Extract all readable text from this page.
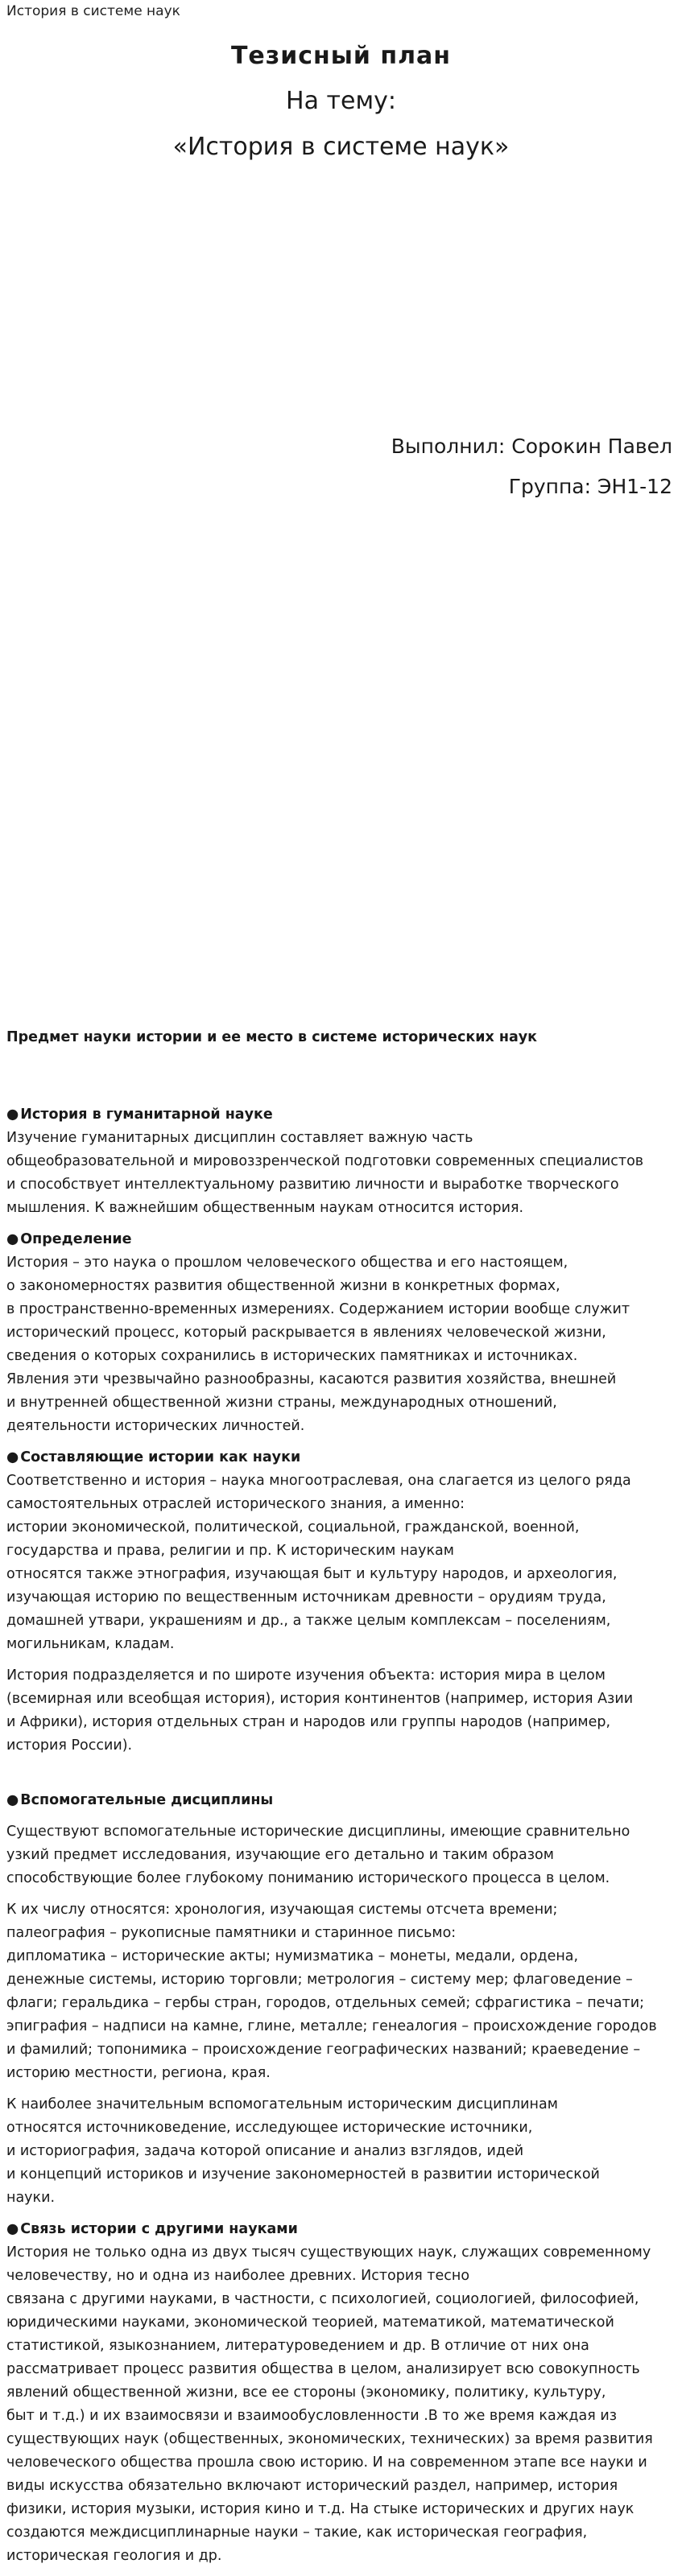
История в системе наук

Тезисный план

На тему:

«История в системе наук»

Выполнил: Сорокин Павел
Группа: ЭН1-12
Предмет науки истории и ее место в системе исторических наук
● История в гуманитарной науке

Изучение гуманитарных дисциплин составляет важную часть
общеобразовательной и мировоззренческой подготовки современных специалистов
и способствует интеллектуальному развитию личности и выработке творческого
мышления. К важнейшим общественным наукам относится история.

● Определение

История – это наука о прошлом человеческого общества и его настоящем,
о закономерностях развития общественной жизни в конкретных формах,
в пространственно-временных измерениях. Содержанием истории вообще служит
исторический процесс, который раскрывается в явлениях человеческой жизни,
сведения о которых сохранились в исторических памятниках и источниках.
Явления эти чрезвычайно разнообразны, касаются развития хозяйства, внешней
и внутренней общественной жизни страны, международных отношений,
деятельности исторических личностей.

● Составляющие истории как науки

Соответственно и история – наука многоотраслевая, она слагается из целого ряда
самостоятельных отраслей исторического знания, а именно:
истории экономической, политической, социальной, гражданской, военной,
государства и права, религии и пр. К историческим наукам
относятся также этнография, изучающая быт и культуру народов, и археология,
изучающая историю по вещественным источникам древности – орудиям труда,
домашней утвари, украшениям и др., а также целым комплексам – поселениям,
могильникам, кладам.

История подразделяется и по широте изучения объекта: история мира в целом
(всемирная или всеобщая история), история континентов (например, история Азии
и Африки), история отдельных стран и народов или группы народов (например,
история России).

● Вспомогательные дисциплины

Существуют вспомогательные исторические дисциплины, имеющие сравнительно
узкий предмет исследования, изучающие его детально и таким образом
способствующие более глубокому пониманию исторического процесса в целом.

К их числу относятся: хронология, изучающая системы отсчета времени;
палеография – рукописные памятники и старинное письмо:
дипломатика – исторические акты; нумизматика – монеты, медали, ордена,
денежные системы, историю торговли; метрология – систему мер; флаговедение –
флаги; геральдика – гербы стран, городов, отдельных семей; сфрагистика – печати;
эпиграфия – надписи на камне, глине, металле; генеалогия – происхождение городов
и фамилий; топонимика – происхождение географических названий; краеведение –
историю местности, региона, края.

К наиболее значительным вспомогательным историческим дисциплинам
относятся источниковедение, исследующее исторические источники,
и историография, задача которой описание и анализ взглядов, идей
и концепций историков и изучение закономерностей в развитии исторической
науки.

● Связь истории с другими науками

История не только одна из двух тысяч существующих наук, служащих современному
человечеству, но и одна из наиболее древних. История тесно
связана с другими науками, в частности, с психологией, социологией, философией,
юридическими науками, экономической теорией, математикой, математической
статистикой, языкознанием, литературоведением и др. В отличие от них она
рассматривает процесс развития общества в целом, анализирует всю совокупность
явлений общественной жизни, все ее стороны (экономику, политику, культуру,
быт и т.д.) и их взаимосвязи и взаимообусловленности .В то же время каждая из
существующих наук (общественных, экономических, технических) за время развития
человеческого общества прошла свою историю. И на современном этапе все науки и
виды искусства обязательно включают исторический раздел, например, история
физики, история музыки, история кино и т.д. На стыке исторических и других наук
создаются междисциплинарные науки – такие, как историческая география,
историческая геология и др.
